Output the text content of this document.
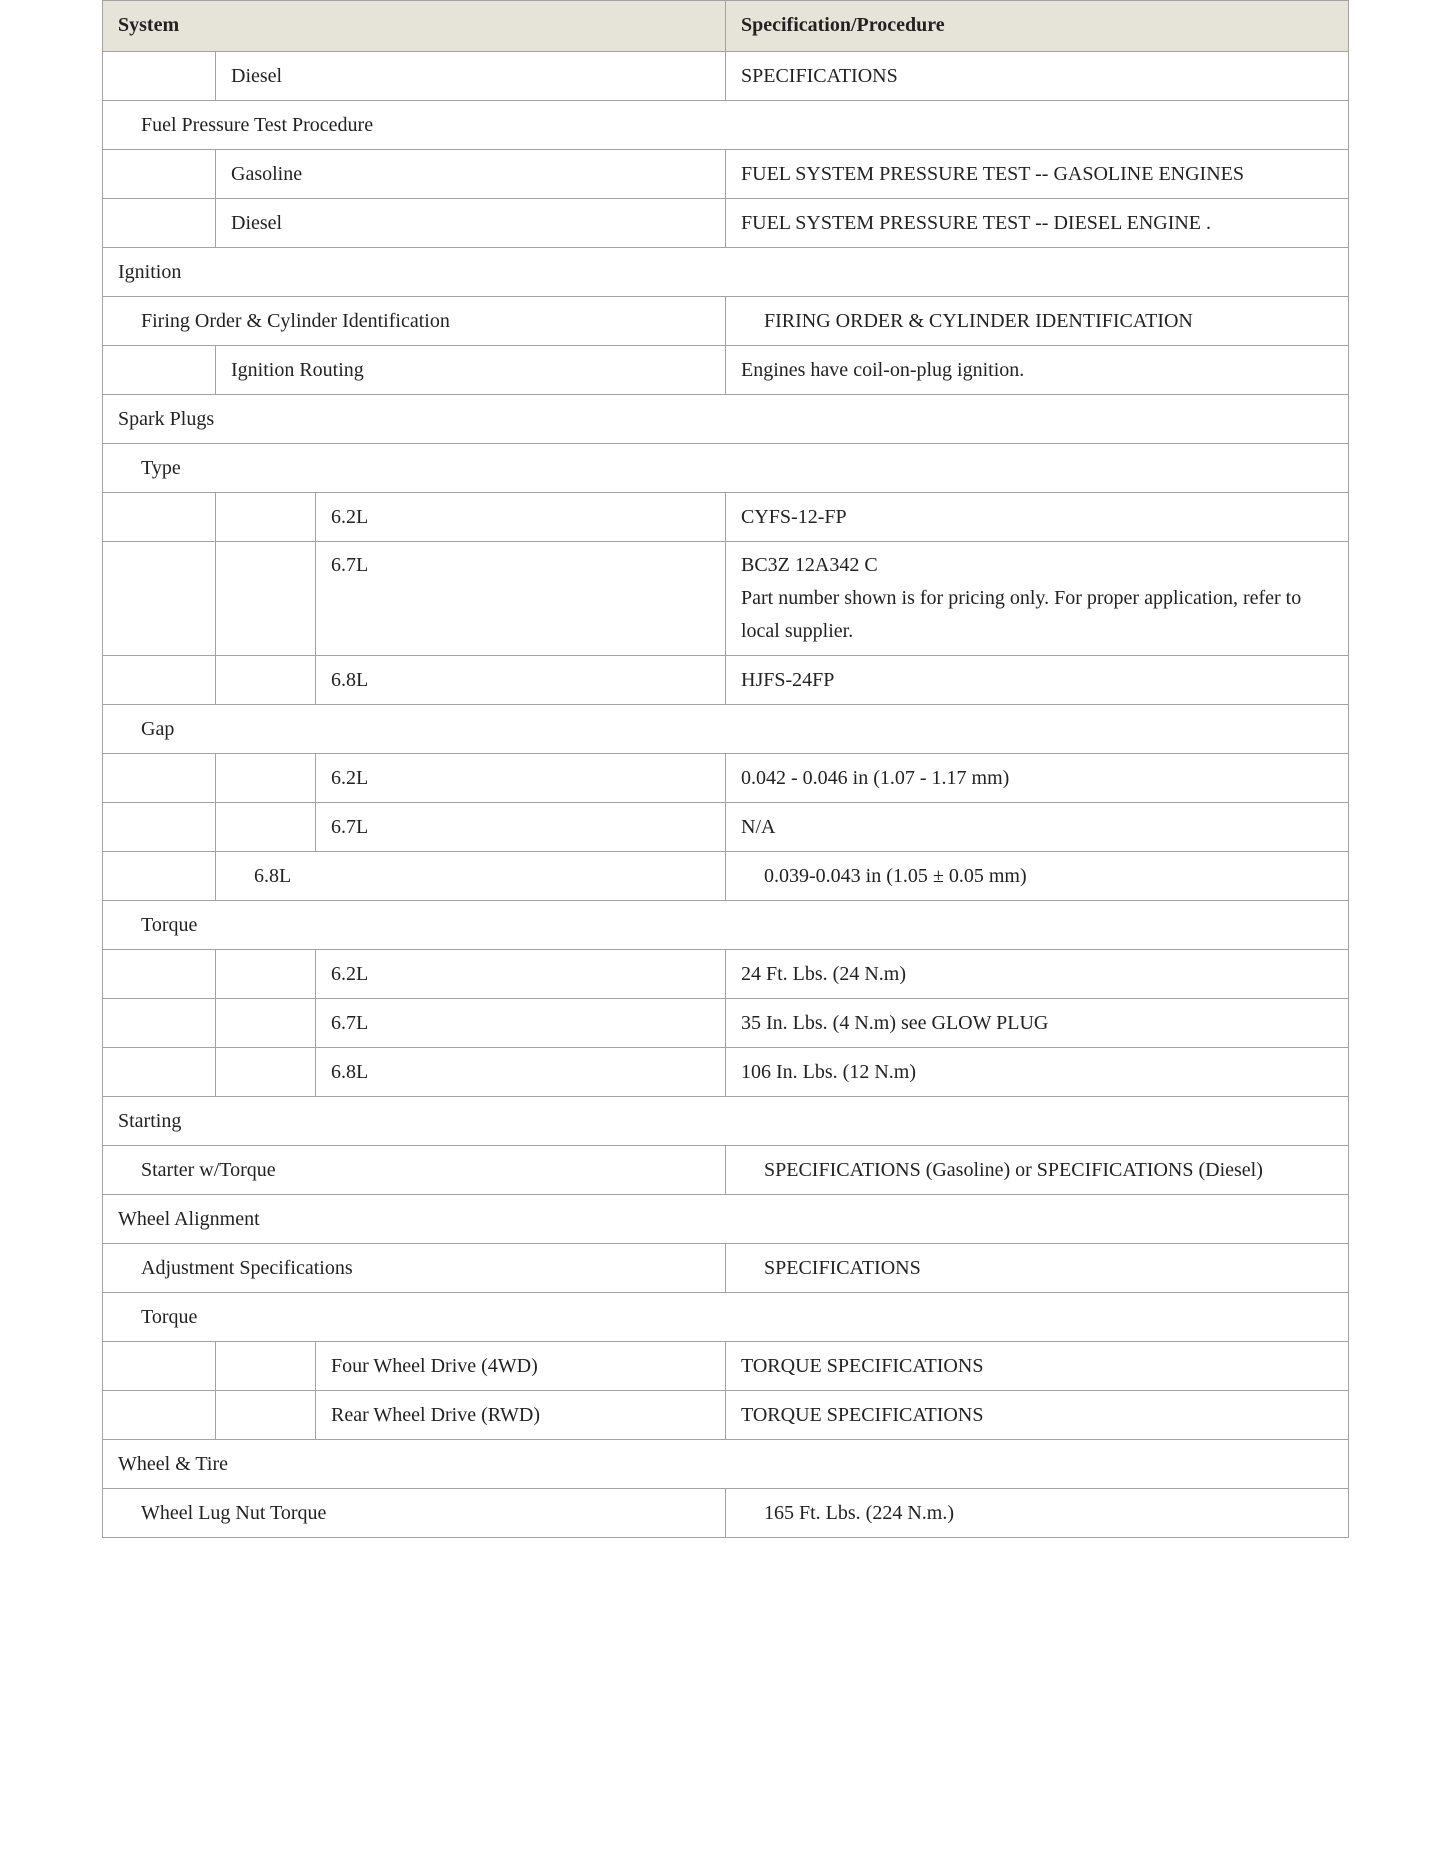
System			Specification/Procedure
	Diesel		SPECIFICATIONS
Fuel Pressure Test Procedure			
	Gasoline		FUEL SYSTEM PRESSURE TEST -- GASOLINE ENGINES
	Diesel		FUEL SYSTEM PRESSURE TEST -- DIESEL ENGINE .
Ignition			
Firing Order & Cylinder Identification			FIRING ORDER & CYLINDER IDENTIFICATION
	Ignition Routing		Engines have coil-on-plug ignition.
Spark Plugs			
Type			
		6.2L	CYFS-12-FP
		6.7L	BC3Z 12A342 C
Part number shown is for pricing only. For proper application, refer to local supplier.

		6.8L	HJFS-24FP
Gap			
		6.2L	0.042 - 0.046 in (1.07 - 1.17 mm)
		6.7L	N/A
	6.8L		0.039-0.043 in (1.05 ± 0.05 mm)
Torque			
		6.2L	24 Ft. Lbs. (24 N.m)
		6.7L	35 In. Lbs. (4 N.m) see GLOW PLUG
		6.8L	106 In. Lbs. (12 N.m)
Starting			
Starter w/Torque			SPECIFICATIONS (Gasoline) or SPECIFICATIONS (Diesel)
Wheel Alignment			
Adjustment Specifications			SPECIFICATIONS
Torque			
		Four Wheel Drive (4WD)	TORQUE SPECIFICATIONS
		Rear Wheel Drive (RWD)	TORQUE SPECIFICATIONS
Wheel & Tire			
Wheel Lug Nut Torque			165 Ft. Lbs. (224 N.m.)
